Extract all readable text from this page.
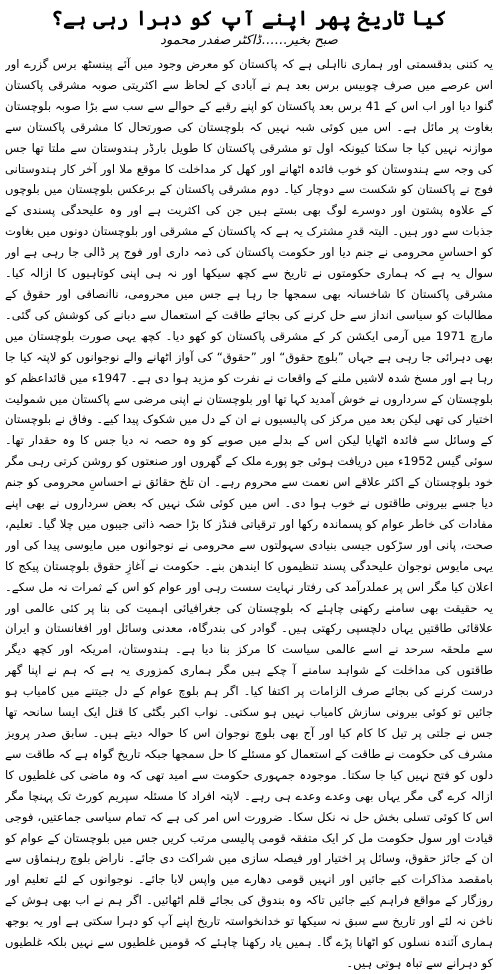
کیا تاریخ پھر اپنے آپ کو دہرا رہی ہے؟
صبح بخیر……ڈاکٹر صفدر محمود

یہ کتنی بدقسمتی اور ہماری نااہلی ہے کہ پاکستان کو معرض وجود میں آئے پینسٹھ برس گزرے اور اس عرصے میں صرف چوبیس برس بعد ہم نے آبادی کے لحاظ سے اکثریتی صوبہ مشرقی پاکستان گنوا دیا اور اب اس کے 41 برس بعد پاکستان کو اپنے رقبے کے حوالے سے سب سے بڑا صوبہ بلوچستان بغاوت پر مائل ہے۔ اس میں کوئی شبہ نہیں کہ بلوچستان کی صورتحال کا مشرقی پاکستان سے موازنہ نہیں کیا جا سکتا کیونکہ اول تو مشرقی پاکستان کا طویل بارڈر ہندوستان سے ملتا تھا جس کی وجہ سے ہندوستان کو خوب فائدہ اٹھانے اور کھل کر مداخلت کا موقع ملا اور آخر کار ہندوستانی فوج نے پاکستان کو شکست سے دوچار کیا۔ دوم مشرقی پاکستان کے برعکس بلوچستان میں بلوچوں کے علاوہ پشتون اور دوسرے لوگ بھی بستے ہیں جن کی اکثریت ہے اور وہ علیحدگی پسندی کے جذبات سے دور ہیں۔ الیتہ قدرِ مشترک یہ ہے کہ پاکستان کے مشرقی اور بلوچستان دونوں میں بغاوت کو احساسِ محرومی نے جنم دیا اور حکومت پاکستان کی ذمہ داری اور فوج پر ڈالی جا رہی ہے اور سوال یہ ہے کہ ہماری حکومتوں نے تاریخ سے کچھ سیکھا اور نہ ہی اپنی کوتاہیوں کا ازالہ کیا۔ مشرقی پاکستان کا شاخسانہ بھی سمجھا جا رہا ہے جس میں محرومی، ناانصافی اور حقوق کے مطالبات کو سیاسی انداز سے حل کرنے کی بجائے طاقت کے استعمال سے دبانے کی کوشش کی گئی۔ مارچ 1971 میں آرمی ایکشن کر کے مشرقی پاکستان کو کھو دیا۔ کچھ یہی صورت بلوچستان میں بھی دہرائی جا رہی ہے جہاں ”بلوچ حقوق“ اور ”حقوق“ کی آواز اٹھانے والے نوجوانوں کو لاپتہ کیا جا رہا ہے اور مسخ شدہ لاشیں ملنے کے واقعات نے نفرت کو مزید ہوا دی ہے۔ 1947ء میں قائداعظم کو بلوچستان کے سرداروں نے خوش آمدید کہا تھا اور بلوچستان نے اپنی مرضی سے پاکستان میں شمولیت اختیار کی تھی لیکن بعد میں مرکز کی پالیسیوں نے ان کے دل میں شکوک پیدا کیے۔ وفاق نے بلوچستان کے وسائل سے فائدہ اٹھایا لیکن اس کے بدلے میں صوبے کو وہ حصہ نہ دیا جس کا وہ حقدار تھا۔ سوئی گیس 1952ء میں دریافت ہوئی جو پورے ملک کے گھروں اور صنعتوں کو روشن کرتی رہی مگر خود بلوچستان کے اکثر علاقے اس نعمت سے محروم رہے۔ ان تلخ حقائق نے احساسِ محرومی کو جنم دیا جسے بیرونی طاقتوں نے خوب ہوا دی۔ اس میں کوئی شک نہیں کہ بعض سرداروں نے بھی اپنے مفادات کی خاطر عوام کو پسماندہ رکھا اور ترقیاتی فنڈز کا بڑا حصہ ذاتی جیبوں میں چلا گیا۔ تعلیم، صحت، پانی اور سڑکوں جیسی بنیادی سہولتوں سے محرومی نے نوجوانوں میں مایوسی پیدا کی اور یہی مایوس نوجوان علیحدگی پسند تنظیموں کا ایندھن بنے۔ حکومت نے آغازِ حقوق بلوچستان پیکج کا اعلان کیا مگر اس پر عملدرآمد کی رفتار نہایت سست رہی اور عوام کو اس کے ثمرات نہ مل سکے۔ یہ حقیقت بھی سامنے رکھنی چاہئے کہ بلوچستان کی جغرافیائی اہمیت کی بنا پر کئی عالمی اور علاقائی طاقتیں یہاں دلچسپی رکھتی ہیں۔ گوادر کی بندرگاہ، معدنی وسائل اور افغانستان و ایران سے ملحقہ سرحد نے اسے عالمی سیاست کا مرکز بنا دیا ہے۔ ہندوستان، امریکہ اور کچھ دیگر طاقتوں کی مداخلت کے شواہد سامنے آ چکے ہیں مگر ہماری کمزوری یہ ہے کہ ہم نے اپنا گھر درست کرنے کی بجائے صرف الزامات پر اکتفا کیا۔ اگر ہم بلوچ عوام کے دل جیتنے میں کامیاب ہو جائیں تو کوئی بیرونی سازش کامیاب نہیں ہو سکتی۔ نواب اکبر بگٹی کا قتل ایک ایسا سانحہ تھا جس نے جلتی پر تیل کا کام کیا اور آج بھی بلوچ نوجوان اس کا حوالہ دیتے ہیں۔ سابق صدر پرویز مشرف کی حکومت نے طاقت کے استعمال کو مسئلے کا حل سمجھا جبکہ تاریخ گواہ ہے کہ طاقت سے دلوں کو فتح نہیں کیا جا سکتا۔ موجودہ جمہوری حکومت سے امید تھی کہ وہ ماضی کی غلطیوں کا ازالہ کرے گی مگر یہاں بھی وعدے وعدے ہی رہے۔ لاپتہ افراد کا مسئلہ سپریم کورٹ تک پہنچا مگر اس کا کوئی تسلی بخش حل نہ نکل سکا۔ ضرورت اس امر کی ہے کہ تمام سیاسی جماعتیں، فوجی قیادت اور سول حکومت مل کر ایک متفقہ قومی پالیسی مرتب کریں جس میں بلوچستان کے عوام کو ان کے جائز حقوق، وسائل پر اختیار اور فیصلہ سازی میں شراکت دی جائے۔ ناراض بلوچ رہنماؤں سے بامقصد مذاکرات کیے جائیں اور انہیں قومی دھارے میں واپس لایا جائے۔ نوجوانوں کے لئے تعلیم اور روزگار کے مواقع فراہم کیے جائیں تاکہ وہ بندوق کی بجائے قلم اٹھائیں۔ اگر ہم نے اب بھی ہوش کے ناخن نہ لئے اور تاریخ سے سبق نہ سیکھا تو خدانخواستہ تاریخ اپنے آپ کو دہرا سکتی ہے اور یہ بوجھ ہماری آئندہ نسلوں کو اٹھانا پڑے گا۔ ہمیں یاد رکھنا چاہئے کہ قومیں غلطیوں سے نہیں بلکہ غلطیوں کو دہرانے سے تباہ ہوتی ہیں۔
